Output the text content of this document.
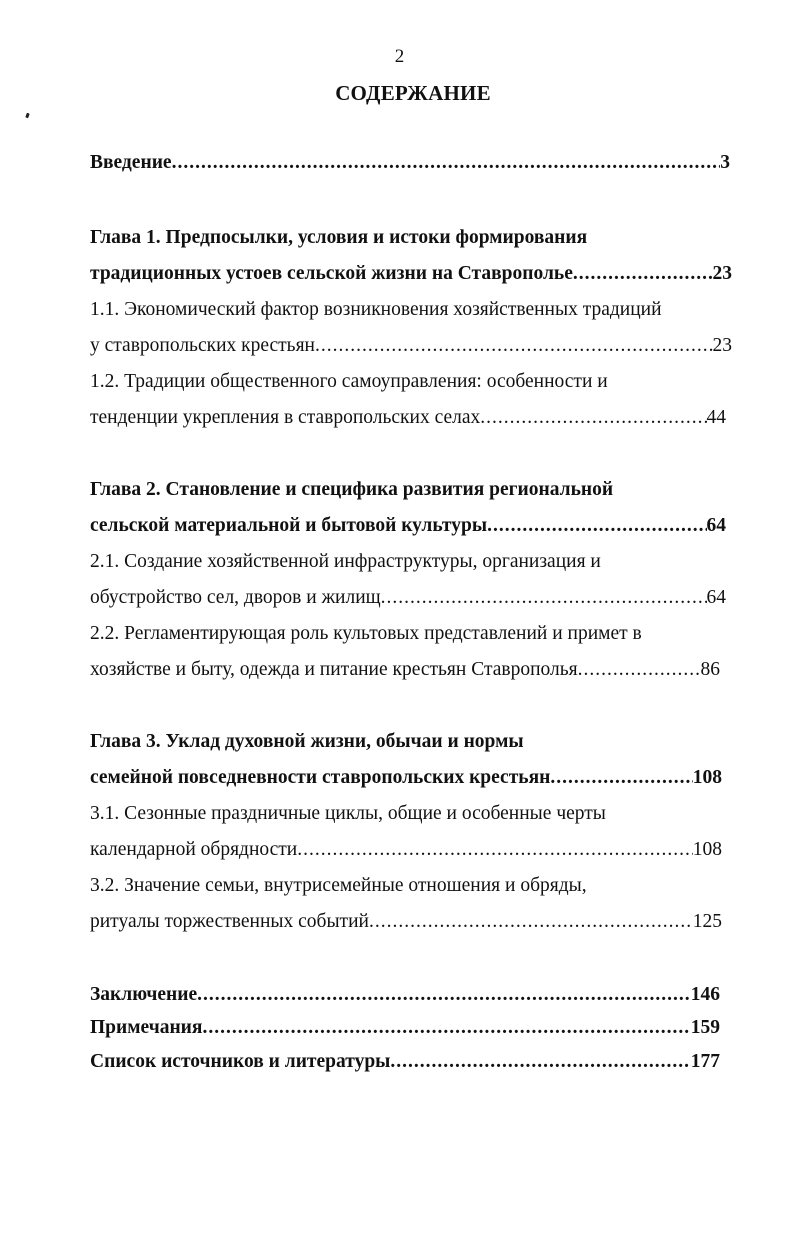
2
СОДЕРЖАНИЕ
Введение .....	3
Глава 1. Предпосылки, условия и истоки формирования
традиционных устоев сельской жизни на Ставрополье .....	23
1.1. Экономический фактор возникновения хозяйственных традиций
у ставропольских крестьян .....	23
1.2. Традиции общественного самоуправления: особенности и
тенденции укрепления в ставропольских селах .....	44
Глава 2. Становление и специфика развития региональной
сельской материальной и бытовой культуры .....	64
2.1. Создание хозяйственной инфраструктуры, организация и
обустройство сел, дворов и жилищ .....	64
2.2. Регламентирующая роль культовых представлений и примет в
хозяйстве и быту, одежда и питание крестьян Ставрополья .....	86
Глава 3. Уклад духовной жизни, обычаи и нормы
семейной повседневности ставропольских крестьян .....	108
3.1. Сезонные праздничные циклы, общие и особенные черты
календарной обрядности .....	108
3.2. Значение семьи, внутрисемейные отношения и обряды,
ритуалы торжественных событий .....	125
Заключение .....	146
Примечания .....	159
Список источников и литературы .....	177
